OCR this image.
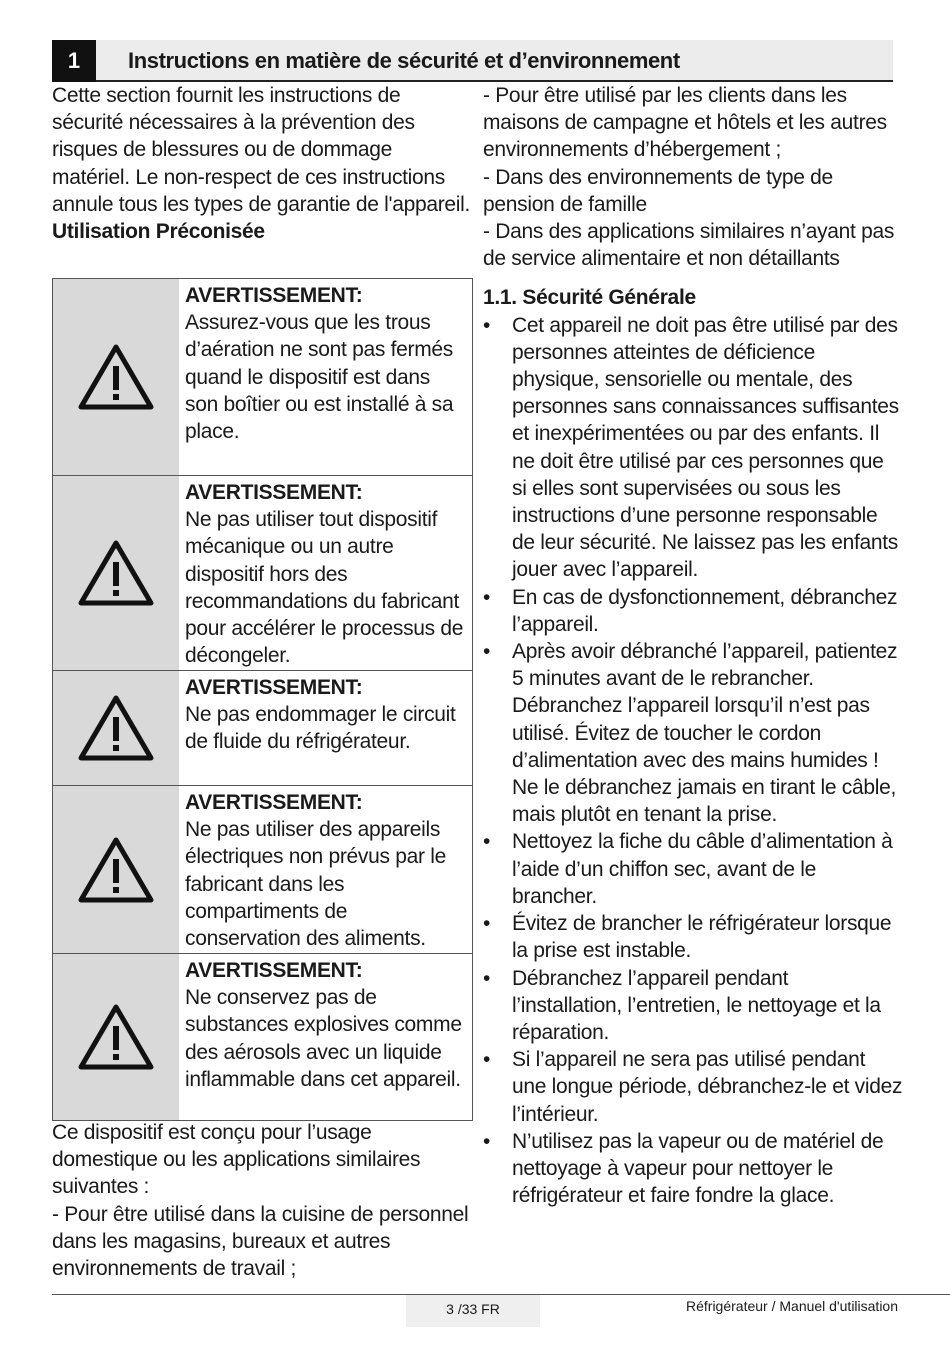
1	Instructions en matière de sécurité et d’environnement

Cette section fournit les instructions de sécurité nécessaires à la prévention des risques de blessures ou de dommage matériel. Le non-respect de ces instructions annule tous les types de garantie de l'appareil.

Utilisation Préconisée

AVERTISSEMENT:
Assurez-vous que les trous d’aération ne sont pas fermés quand le dispositif est dans son boîtier ou est installé à sa place.
AVERTISSEMENT:
Ne pas utiliser tout dispositif mécanique ou un autre dispositif hors des recommandations du fabricant pour accélérer le processus de décongeler.
AVERTISSEMENT:
Ne pas endommager le circuit de fluide du réfrigérateur.
AVERTISSEMENT:
Ne pas utiliser des appareils électriques non prévus par le fabricant dans les compartiments de conservation des aliments.
AVERTISSEMENT:
Ne conservez pas de substances explosives comme des aérosols avec un liquide inflammable dans cet appareil.

Ce dispositif est conçu pour l’usage domestique ou les applications similaires suivantes :

- Pour être utilisé dans la cuisine de personnel dans les magasins, bureaux et autres environnements de travail ;

- Pour être utilisé par les clients dans les maisons de campagne et hôtels et les autres environnements d’hébergement ;

- Dans des environnements de type de pension de famille

- Dans des applications similaires n’ayant pas de service alimentaire et non détaillants

1.1. Sécurité Générale

• Cet appareil ne doit pas être utilisé par des personnes atteintes de déficience physique, sensorielle ou mentale, des personnes sans connaissances suffisantes et inexpérimentées ou par des enfants. Il ne doit être utilisé par ces personnes que si elles sont supervisées ou sous les instructions d’une personne responsable de leur sécurité. Ne laissez pas les enfants jouer avec l’appareil.
• En cas de dysfonctionnement, débranchez l’appareil.
• Après avoir débranché l’appareil, patientez 5 minutes avant de le rebrancher. Débranchez l’appareil lorsqu’il n’est pas utilisé. Évitez de toucher le cordon d’alimentation avec des mains humides ! Ne le débranchez jamais en tirant le câble, mais plutôt en tenant la prise.
• Nettoyez la fiche du câble d’alimentation à l’aide d’un chiffon sec, avant de le brancher.
• Évitez de brancher le réfrigérateur lorsque la prise est instable.
• Débranchez l’appareil pendant l’installation, l’entretien, le nettoyage et la réparation.
• Si l’appareil ne sera pas utilisé pendant une longue période, débranchez-le et videz l’intérieur.
• N’utilisez pas la vapeur ou de matériel de nettoyage à vapeur pour nettoyer le réfrigérateur et faire fondre la glace.
3 /33 FR	Réfrigérateur / Manuel d'utilisation
